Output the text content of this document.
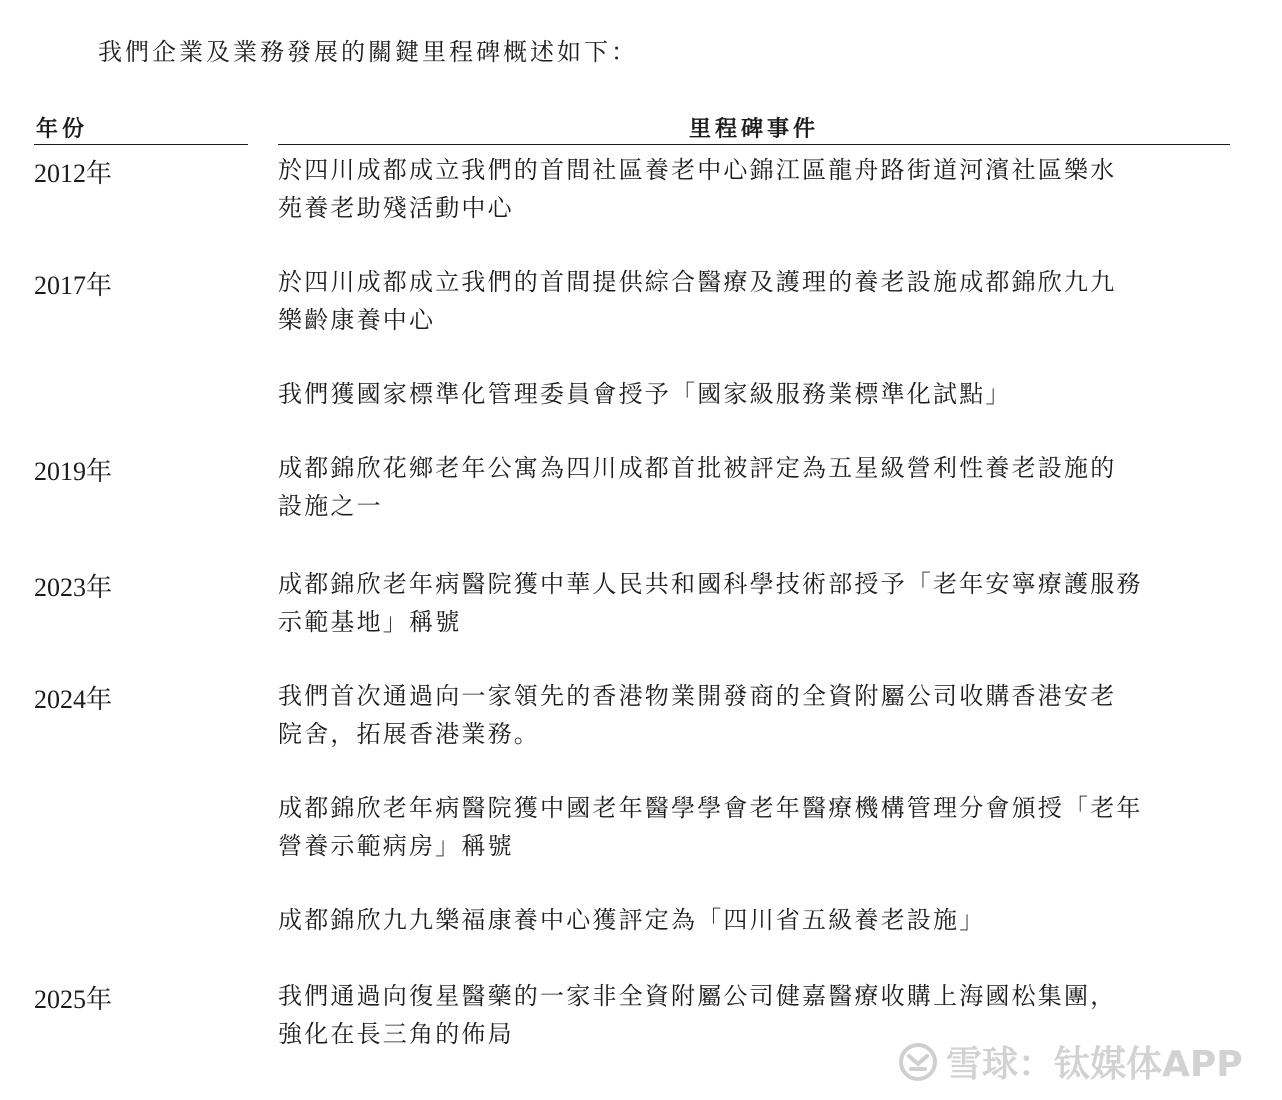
我們企業及業務發展的關鍵里程碑概述如下：
年份	里程碑事件
2012年	於四川成都成立我們的首間社區養老中心錦江區龍舟路街道河濱社區樂水
苑養老助殘活動中心
2017年	於四川成都成立我們的首間提供綜合醫療及護理的養老設施成都錦欣九九
樂齡康養中心
我們獲國家標準化管理委員會授予「國家級服務業標準化試點」
2019年	成都錦欣花鄉老年公寓為四川成都首批被評定為五星級營利性養老設施的
設施之一
2023年	成都錦欣老年病醫院獲中華人民共和國科學技術部授予「老年安寧療護服務
示範基地」稱號
2024年	我們首次通過向一家領先的香港物業開發商的全資附屬公司收購香港安老
院舍，拓展香港業務。
成都錦欣老年病醫院獲中國老年醫學學會老年醫療機構管理分會頒授「老年
營養示範病房」稱號
成都錦欣九九樂福康養中心獲評定為「四川省五級養老設施」
2025年	我們通過向復星醫藥的一家非全資附屬公司健嘉醫療收購上海國松集團，
強化在長三角的佈局
雪球：钛媒体APP
